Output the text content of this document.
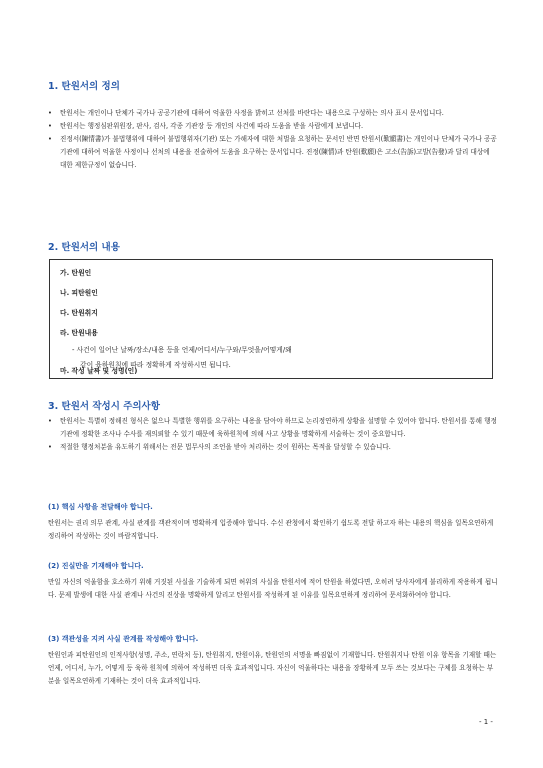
1. 탄원서의 정의
• 탄원서는 개인이나 단체가 국가나 공공기관에 대하여 억울한 사정을 밝히고 선처를 바란다는 내용으로 구성하는 의사 표시 문서입니다.
• 탄원서는 행정심판위원장, 판사, 검사, 각종 기관장 등 개인의 사건에 따라 도움을 받을 사람에게 보냅니다.
• 진정서(陳情書)가 불법행위에 대하여 불법행위자(기관) 또는 가해자에 대한 처벌을 요청하는 문서인 반면 탄원서(歎願書)는 개인이나 단체가 국가나 공공기관에 대하여 억울한 사정이나 선처의 내용을 진술하여 도움을 요구하는 문서입니다. 진정(陳情)과 탄원(歎願)은 고소(告訴)고발(告發)과 달리 대상에 대한 제한규정이 없습니다.
2. 탄원서의 내용
가. 탄원인
나. 피탄원인
다. 탄원취지
라. 탄원내용
- 사건이 일어난 날짜/장소/내용 등을 언제/어디서/누구와/무엇을/어떻게/왜
같이 육하원칙에 따라 정확하게 작성하시면 됩니다.
마. 작성 날짜 및 성명(인)
3. 탄원서 작성시 주의사항
• 탄원서는 특별히 정해진 형식은 없으나 특별한 행위를 요구하는 내용을 담아야 하므로 논리정연하게 상황을 설명할 수 있어야 합니다. 탄원서를 통해 행정기관에 정확한 조사나 수사를 재의뢰할 수 있기 때문에 육하원칙에 의해 사고 상황을 명확하게 서술하는 것이 중요합니다.
• 적절한 행정처분을 유도하기 위해서는 전문 법무사의 조언을 받아 처리하는 것이 원하는 목적을 달성할 수 있습니다.
(1) 핵심 사항을 전달해야 합니다.
탄원서는 권리 의무 관계, 사실 관계를 객관적이며 명확하게 입증해야 합니다. 수신 관청에서 확인하기 쉽도록 전달 하고자 하는 내용의 핵심을 일목요연하게 정리하여 작성하는 것이 바람직합니다.
(2) 진실만을 기재해야 합니다.
만일 자신의 억울함을 호소하기 위해 거짓된 사실을 기술하게 되면 허위의 사실을 탄원서에 적어 탄원을 하였다면, 오히려 당사자에게 불리하게 작용하게 됩니다. 문제 발생에 대한 사실 관계나 사건의 진상을 명확하게 알리고 탄원서를 작성하게 된 이유를 일목요연하게 정리하여 문서화하여야 합니다.
(3) 객관성을 지켜 사실 관계를 작성해야 합니다.
탄원인과 피탄원인의 인적사항(성명, 주소, 연락처 등), 탄원취지, 탄원이유, 탄원인의 서명을 빠짐없이 기재합니다. 탄원취지나 탄원 이유 항목을 기재할 때는 언제, 어디서, 누가, 어떻게 등 육하 원칙에 의하여 작성하면 더욱 효과적입니다. 자신이 억울하다는 내용을 장황하게 모두 쓰는 것보다는 구체를 요청하는 부분을 일목요연하게 기재하는 것이 더욱 효과적입니다.
- 1 -
